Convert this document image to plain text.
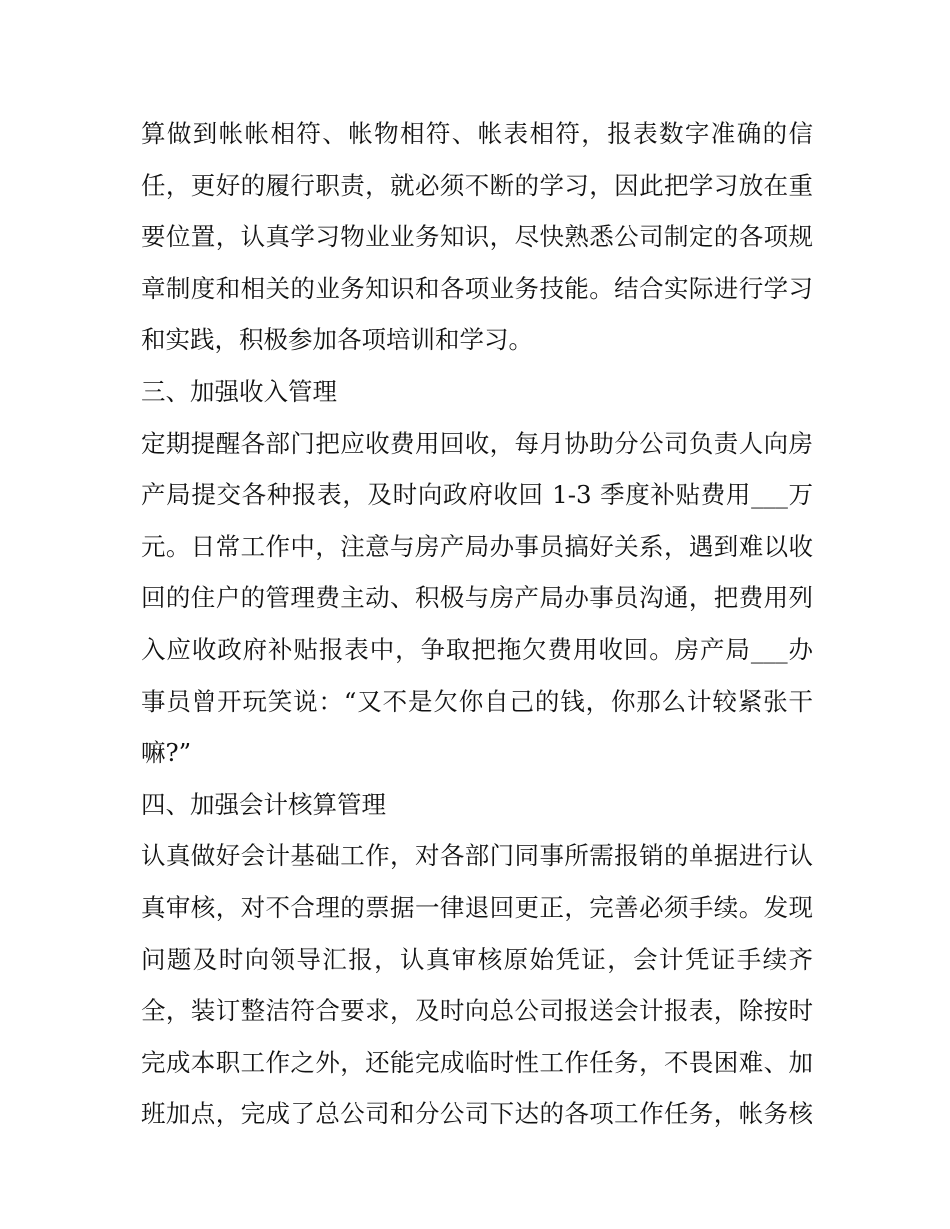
算做到帐帐相符、帐物相符、帐表相符，报表数字准确的信
任，更好的履行职责，就必须不断的学习，因此把学习放在重
要位置，认真学习物业业务知识，尽快熟悉公司制定的各项规
章制度和相关的业务知识和各项业务技能。结合实际进行学习
和实践，积极参加各项培训和学习。
三、加强收入管理
定期提醒各部门把应收费用回收，每月协助分公司负责人向房
产局提交各种报表，及时向政府收回 1-3 季度补贴费用___万
元。日常工作中，注意与房产局办事员搞好关系，遇到难以收
回的住户的管理费主动、积极与房产局办事员沟通，把费用列
入应收政府补贴报表中，争取把拖欠费用收回。房产局___办
事员曾开玩笑说：“又不是欠你自己的钱，你那么计较紧张干
嘛?”
四、加强会计核算管理
认真做好会计基础工作，对各部门同事所需报销的单据进行认
真审核，对不合理的票据一律退回更正，完善必须手续。发现
问题及时向领导汇报，认真审核原始凭证，会计凭证手续齐
全，装订整洁符合要求，及时向总公司报送会计报表，除按时
完成本职工作之外，还能完成临时性工作任务，不畏困难、加
班加点，完成了总公司和分公司下达的各项工作任务，帐务核
